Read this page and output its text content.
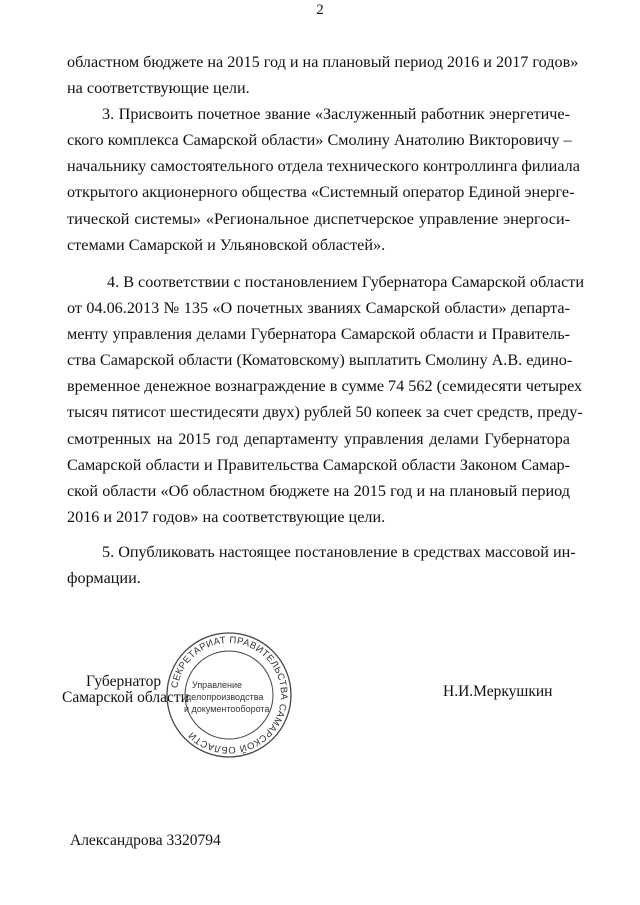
2
областном бюджете на 2015 год и на плановый период 2016 и 2017 годов»
на соответствующие цели.
3. Присвоить почетное звание «Заслуженный работник энергетиче-
ского комплекса Самарской области» Смолину Анатолию Викторовичу –
начальнику самостоятельного отдела технического контроллинга филиала
открытого акционерного общества «Системный оператор Единой энерге-
тической системы» «Региональное диспетчерское управление энергоси-
стемами Самарской и Ульяновской областей».
4. В соответствии с постановлением Губернатора Самарской области
от 04.06.2013 № 135 «О почетных званиях Самарской области» департа-
менту управления делами Губернатора Самарской области и Правитель-
ства Самарской области (Коматовскому) выплатить Смолину А.В. едино-
временное денежное вознаграждение в сумме 74 562 (семидесяти четырех
тысяч пятисот шестидесяти двух) рублей 50 копеек за счет средств, преду-
смотренных на 2015 год департаменту управления делами Губернатора
Самарской области и Правительства Самарской области Законом Самар-
ской области «Об областном бюджете на 2015 год и на плановый период
2016 и 2017 годов» на соответствующие цели.
5. Опубликовать настоящее постановление в средствах массовой ин-
формации.
Губернатор
Самарской области	Н.И.Меркушкин
СЕКРЕТАРИАТ ПРАВИТЕЛЬСТВА САМАРСКОЙ ОБЛАСТИ
Управление
делопроизводства
и документооборота
Александрова 3320794
